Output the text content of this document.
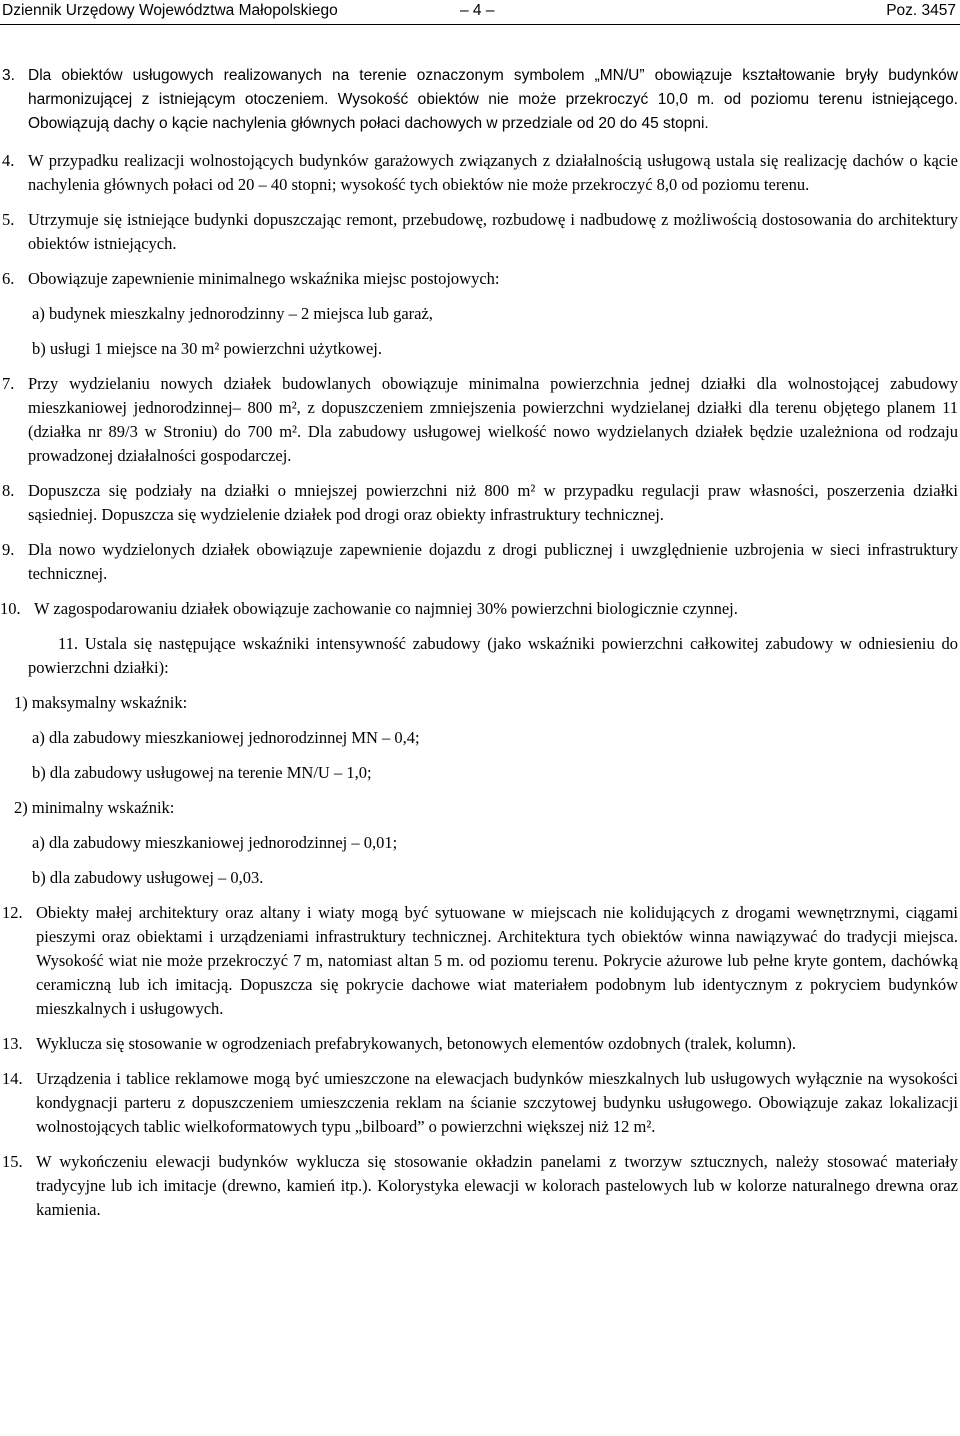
Dziennik Urzędowy Województwa Małopolskiego	– 4 –	Poz. 3457
3. Dla obiektów usługowych realizowanych na terenie oznaczonym symbolem „MN/U” obowiązuje kształtowanie bryły budynków harmonizującej z istniejącym otoczeniem. Wysokość obiektów nie może przekroczyć 10,0 m. od poziomu terenu istniejącego. Obowiązują dachy o kącie nachylenia głównych połaci dachowych w przedziale od 20 do 45 stopni.
4. W przypadku realizacji wolnostojących budynków garażowych związanych z działalnością usługową ustala się realizację dachów o kącie nachylenia głównych połaci od 20 – 40 stopni; wysokość tych obiektów nie może przekroczyć 8,0 od poziomu terenu.
5. Utrzymuje się istniejące budynki dopuszczając remont, przebudowę, rozbudowę i nadbudowę z możliwością dostosowania do architektury obiektów istniejących.
6. Obowiązuje zapewnienie minimalnego wskaźnika miejsc postojowych:
a) budynek mieszkalny jednorodzinny – 2 miejsca lub garaż,
b) usługi 1 miejsce na 30 m² powierzchni użytkowej.
7. Przy wydzielaniu nowych działek budowlanych obowiązuje minimalna powierzchnia jednej działki dla wolnostojącej zabudowy mieszkaniowej jednorodzinnej– 800 m², z dopuszczeniem zmniejszenia powierzchni wydzielanej działki dla terenu objętego planem 11 (działka nr 89/3 w Stroniu) do 700 m². Dla zabudowy usługowej wielkość nowo wydzielanych działek będzie uzależniona od rodzaju prowadzonej działalności gospodarczej.
8. Dopuszcza się podziały na działki o mniejszej powierzchni niż 800 m² w przypadku regulacji praw własności, poszerzenia działki sąsiedniej. Dopuszcza się wydzielenie działek pod drogi oraz obiekty infrastruktury technicznej.
9. Dla nowo wydzielonych działek obowiązuje zapewnienie dojazdu z drogi publicznej i uwzględnienie uzbrojenia w sieci infrastruktury technicznej.
10. W zagospodarowaniu działek obowiązuje zachowanie co najmniej 30% powierzchni biologicznie czynnej.
11. Ustala się następujące wskaźniki intensywność zabudowy (jako wskaźniki powierzchni całkowitej zabudowy w odniesieniu do powierzchni działki):
1) maksymalny wskaźnik:
a) dla zabudowy mieszkaniowej jednorodzinnej MN – 0,4;
b) dla zabudowy usługowej na terenie MN/U – 1,0;
2) minimalny wskaźnik:
a) dla zabudowy mieszkaniowej jednorodzinnej – 0,01;
b) dla zabudowy usługowej – 0,03.
12. Obiekty małej architektury oraz altany i wiaty mogą być sytuowane w miejscach nie kolidujących z drogami wewnętrznymi, ciągami pieszymi oraz obiektami i urządzeniami infrastruktury technicznej. Architektura tych obiektów winna nawiązywać do tradycji miejsca. Wysokość wiat nie może przekroczyć 7 m, natomiast altan 5 m. od poziomu terenu. Pokrycie ażurowe lub pełne kryte gontem, dachówką ceramiczną lub ich imitacją. Dopuszcza się pokrycie dachowe wiat materiałem podobnym lub identycznym z pokryciem budynków mieszkalnych i usługowych.
13. Wyklucza się stosowanie w ogrodzeniach prefabrykowanych, betonowych elementów ozdobnych (tralek, kolumn).
14. Urządzenia i tablice reklamowe mogą być umieszczone na elewacjach budynków mieszkalnych lub usługowych wyłącznie na wysokości kondygnacji parteru z dopuszczeniem umieszczenia reklam na ścianie szczytowej budynku usługowego. Obowiązuje zakaz lokalizacji wolnostojących tablic wielkoformatowych typu „bilboard” o powierzchni większej niż 12 m².
15. W wykończeniu elewacji budynków wyklucza się stosowanie okładzin panelami z tworzyw sztucznych, należy stosować materiały tradycyjne lub ich imitacje (drewno, kamień itp.). Kolorystyka elewacji w kolorach pastelowych lub w kolorze naturalnego drewna oraz kamienia.
